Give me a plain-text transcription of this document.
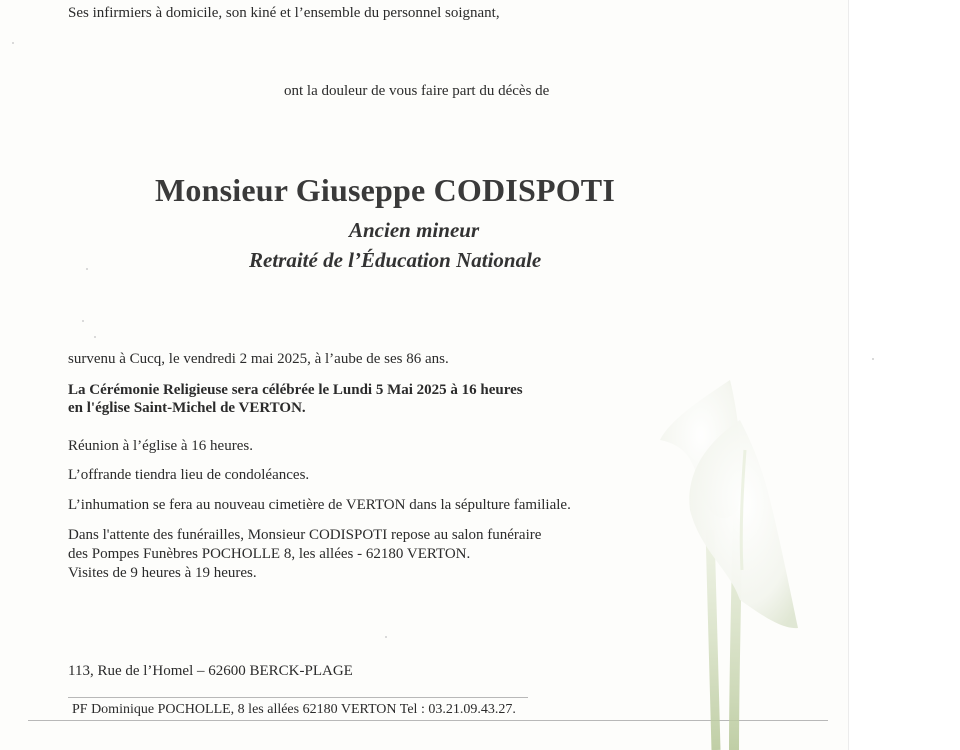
Ses infirmiers à domicile, son kiné et l’ensemble du personnel soignant,

ont la douleur de vous faire part du décès de

Monsieur Giuseppe CODISPOTI

Ancien mineur

Retraité de l’Éducation Nationale

survenu à Cucq, le vendredi 2 mai 2025, à l’aube de ses 86 ans.

La Cérémonie Religieuse sera célébrée le Lundi 5 Mai 2025 à 16 heures

en l'église Saint-Michel de VERTON.

Réunion à l’église à 16 heures.

L’offrande tiendra lieu de condoléances.

L’inhumation se fera au nouveau cimetière de VERTON dans la sépulture familiale.

Dans l'attente des funérailles, Monsieur CODISPOTI repose au salon funéraire

des Pompes Funèbres POCHOLLE 8, les allées - 62180 VERTON.

Visites de 9 heures à 19 heures.

113, Rue de l’Homel – 62600 BERCK-PLAGE

PF Dominique POCHOLLE, 8 les allées 62180 VERTON Tel : 03.21.09.43.27.
